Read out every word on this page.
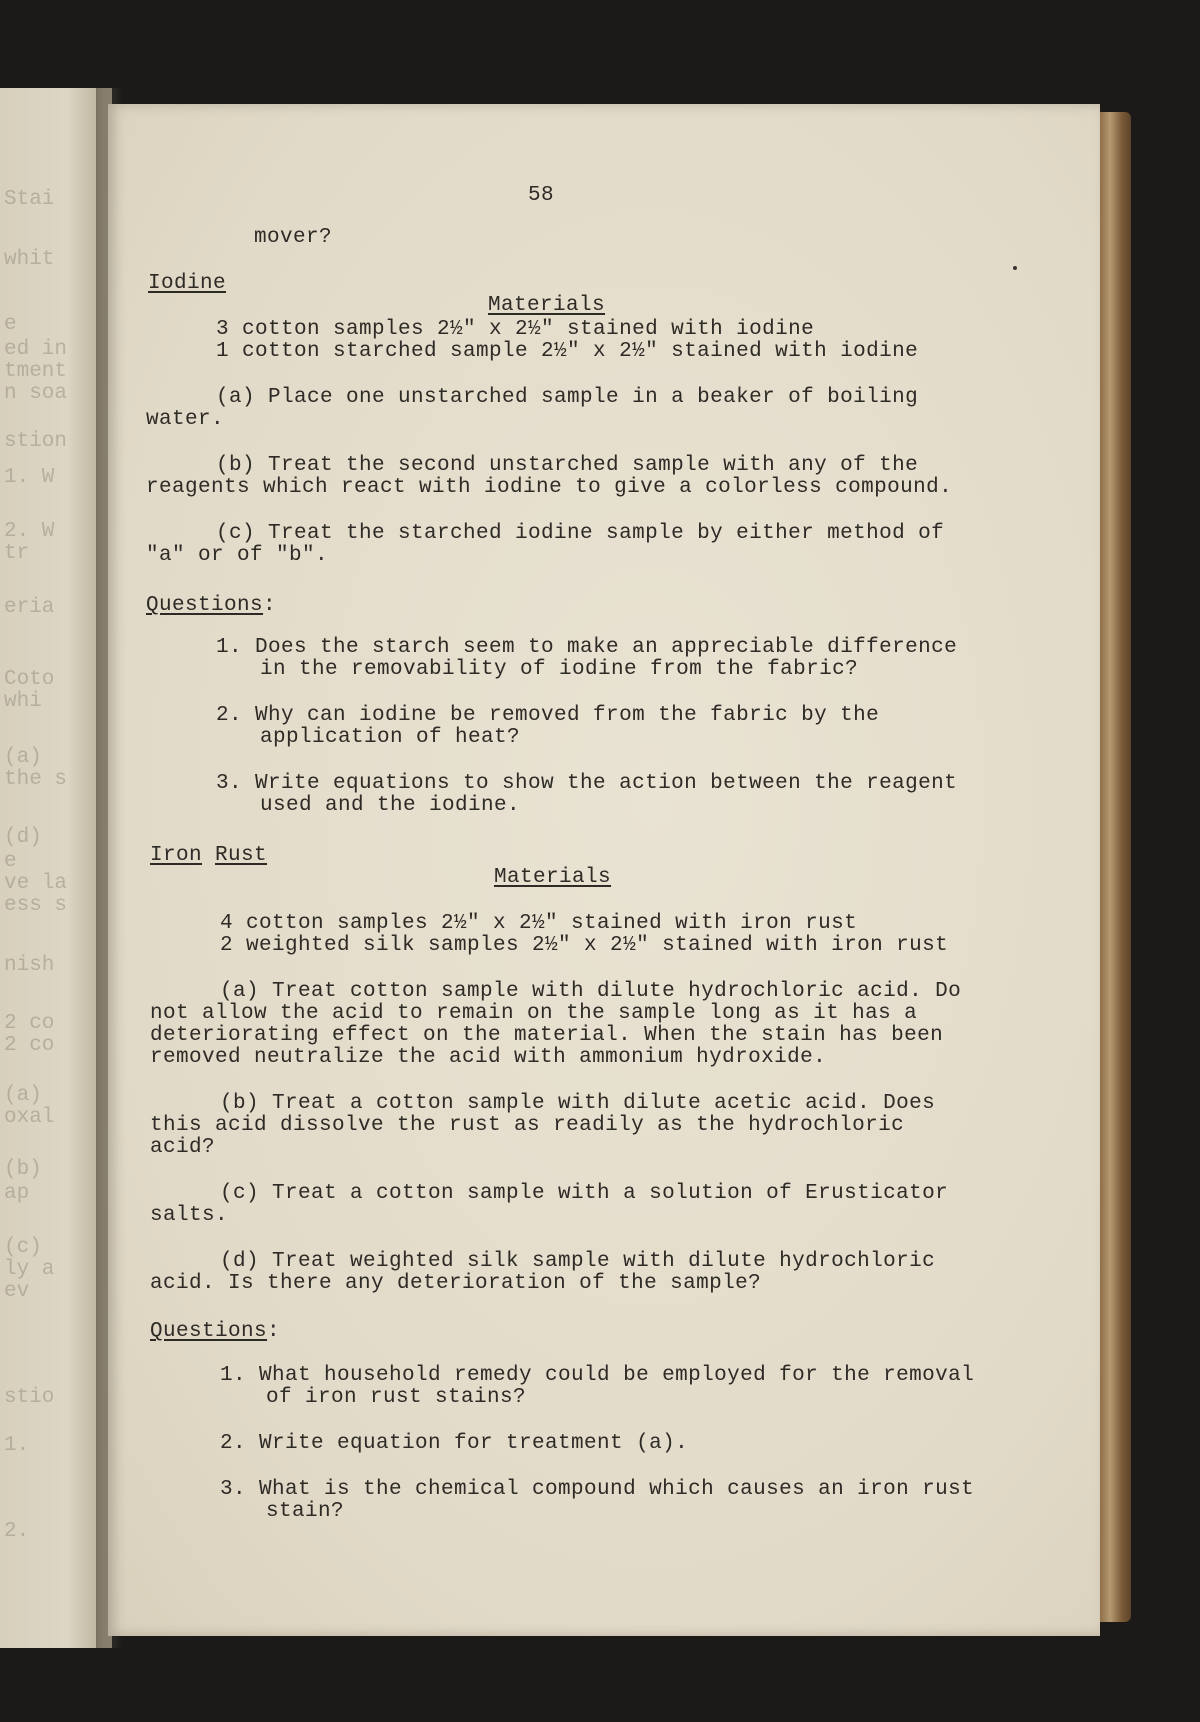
Stai
whit
e
ed in
tment
n soa
stion
1. W
2. W
tr
eria
Coto
whi
(a)
the s
(d)
e
ve la
ess s
nish
2 co
2 co
(a)
oxal
(b)
ap
(c)
ly a
ev
stio
1.
2.
58
mover?
Iodine
Materials
3 cotton samples 2½" x 2½" stained with iodine
1 cotton starched sample 2½" x 2½" stained with iodine
(a) Place one unstarched sample in a beaker of boiling
water.
(b) Treat the second unstarched sample with any of the
reagents which react with iodine to give a colorless compound.
(c) Treat the starched iodine sample by either method of
"a" or of "b".
Questions:
1. Does the starch seem to make an appreciable difference
in the removability of iodine from the fabric?
2. Why can iodine be removed from the fabric by the
application of heat?
3. Write equations to show the action between the reagent
used and the iodine.
Iron Rust
Materials
4 cotton samples 2½" x 2½" stained with iron rust
2 weighted silk samples 2½" x 2½" stained with iron rust
(a) Treat cotton sample with dilute hydrochloric acid. Do
not allow the acid to remain on the sample long as it has a
deteriorating effect on the material. When the stain has been
removed neutralize the acid with ammonium hydroxide.
(b) Treat a cotton sample with dilute acetic acid. Does
this acid dissolve the rust as readily as the hydrochloric
acid?
(c) Treat a cotton sample with a solution of Erusticator
salts.
(d) Treat weighted silk sample with dilute hydrochloric
acid. Is there any deterioration of the sample?
Questions:
1. What household remedy could be employed for the removal
of iron rust stains?
2. Write equation for treatment (a).
3. What is the chemical compound which causes an iron rust
stain?
